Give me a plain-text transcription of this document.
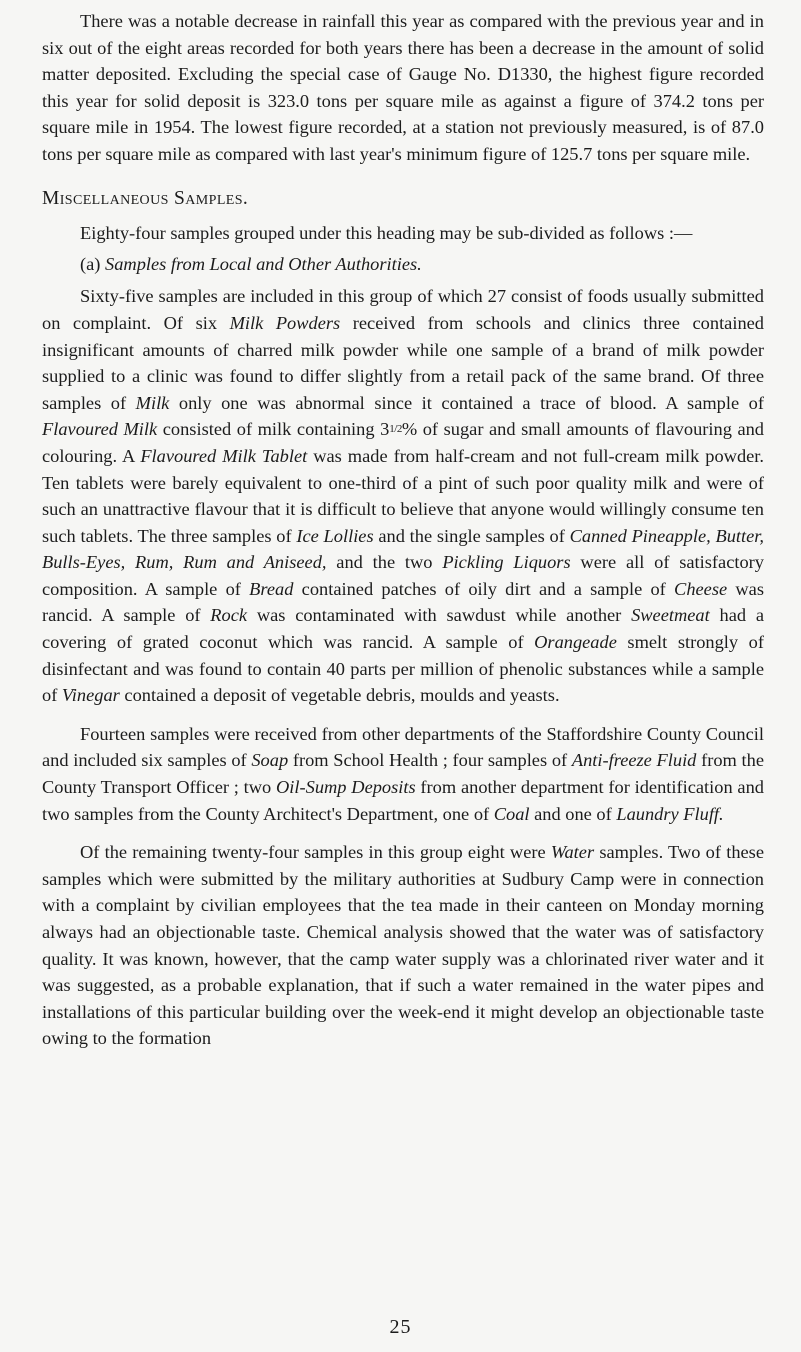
There was a notable decrease in rainfall this year as compared with the previous year and in six out of the eight areas recorded for both years there has been a decrease in the amount of solid matter deposited. Excluding the special case of Gauge No. D1330, the highest figure recorded this year for solid deposit is 323.0 tons per square mile as against a figure of 374.2 tons per square mile in 1954. The lowest figure recorded, at a station not previously measured, is of 87.0 tons per square mile as compared with last year's minimum figure of 125.7 tons per square mile.

Miscellaneous Samples.

Eighty-four samples grouped under this heading may be sub-divided as follows :—

(a) Samples from Local and Other Authorities.

Sixty-five samples are included in this group of which 27 consist of foods usually submitted on complaint. Of six Milk Powders received from schools and clinics three contained insignificant amounts of charred milk powder while one sample of a brand of milk powder supplied to a clinic was found to differ slightly from a retail pack of the same brand. Of three samples of Milk only one was abnormal since it contained a trace of blood. A sample of Flavoured Milk consisted of milk containing 31/2% of sugar and small amounts of flavouring and colouring. A Flavoured Milk Tablet was made from half-cream and not full-cream milk powder. Ten tablets were barely equivalent to one-third of a pint of such poor quality milk and were of such an unattractive flavour that it is difficult to believe that anyone would willingly consume ten such tablets. The three samples of Ice Lollies and the single samples of Canned Pineapple, Butter, Bulls-Eyes, Rum, Rum and Aniseed, and the two Pickling Liquors were all of satisfactory composition. A sample of Bread contained patches of oily dirt and a sample of Cheese was rancid. A sample of Rock was contaminated with sawdust while another Sweetmeat had a covering of grated coconut which was rancid. A sample of Orangeade smelt strongly of disinfectant and was found to contain 40 parts per million of phenolic substances while a sample of Vinegar contained a deposit of vegetable debris, moulds and yeasts.

Fourteen samples were received from other departments of the Staffordshire County Council and included six samples of Soap from School Health ; four samples of Anti-freeze Fluid from the County Transport Officer ; two Oil-Sump Deposits from another department for identification and two samples from the County Architect's Department, one of Coal and one of Laundry Fluff.

Of the remaining twenty-four samples in this group eight were Water samples. Two of these samples which were submitted by the military authorities at Sudbury Camp were in connection with a complaint by civilian employees that the tea made in their canteen on Monday morning always had an objectionable taste. Chemical analysis showed that the water was of satisfactory quality. It was known, however, that the camp water supply was a chlorinated river water and it was suggested, as a probable explanation, that if such a water remained in the water pipes and installations of this particular building over the week-end it might develop an objectionable taste owing to the formation

25
